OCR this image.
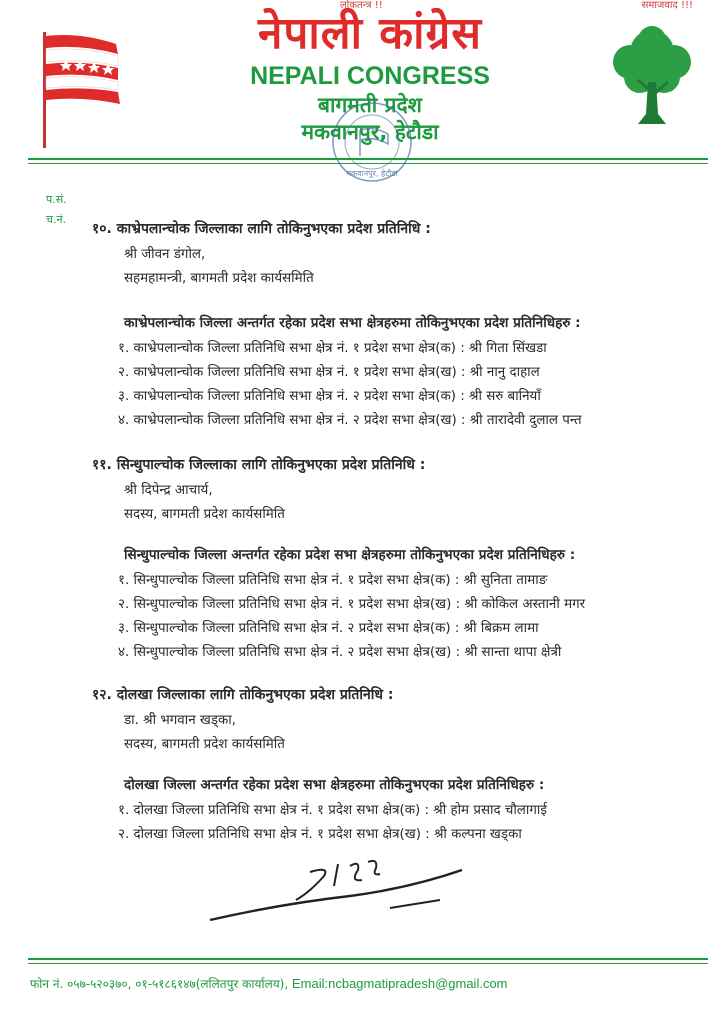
लोकतन्त्र !!	समाजवाद !!!
नेपाली कांग्रेस
NEPALI CONGRESS
बागमती प्रदेश
मकवानपुर, हेटौडा
मकवानपुर, हेटौडा
प.सं.
च.नं.
१०. काभ्रेपलान्चोक जिल्लाका लागि तोकिनुभएका प्रदेश प्रतिनिधि :
श्री जीवन डंगोल,
सहमहामन्त्री, बागमती प्रदेश कार्यसमिति
काभ्रेपलान्चोक जिल्ला अन्तर्गत रहेका प्रदेश सभा क्षेत्रहरुमा तोकिनुभएका प्रदेश प्रतिनिधिहरु :
१. काभ्रेपलान्चोक जिल्ला प्रतिनिधि सभा क्षेत्र नं. १ प्रदेश सभा क्षेत्र(क) : श्री गिता सिंखडा
२. काभ्रेपलान्चोक जिल्ला प्रतिनिधि सभा क्षेत्र नं. १ प्रदेश सभा क्षेत्र(ख) : श्री नानु दाहाल
३. काभ्रेपलान्चोक जिल्ला प्रतिनिधि सभा क्षेत्र नं. २ प्रदेश सभा क्षेत्र(क) : श्री सरु बानियाँ
४. काभ्रेपलान्चोक जिल्ला प्रतिनिधि सभा क्षेत्र नं. २ प्रदेश सभा क्षेत्र(ख) : श्री तारादेवी दुलाल पन्त
११. सिन्धुपाल्चोक जिल्लाका लागि तोकिनुभएका प्रदेश प्रतिनिधि :
श्री दिपेन्द्र आचार्य,
सदस्य, बागमती प्रदेश कार्यसमिति
सिन्धुपाल्चोक जिल्ला अन्तर्गत रहेका प्रदेश सभा क्षेत्रहरुमा तोकिनुभएका प्रदेश प्रतिनिधिहरु :
१. सिन्धुपाल्चोक जिल्ला प्रतिनिधि सभा क्षेत्र नं. १ प्रदेश सभा क्षेत्र(क) : श्री सुनिता तामाङ
२. सिन्धुपाल्चोक जिल्ला प्रतिनिधि सभा क्षेत्र नं. १ प्रदेश सभा क्षेत्र(ख) : श्री कोकिल अस्तानी मगर
३. सिन्धुपाल्चोक जिल्ला प्रतिनिधि सभा क्षेत्र नं. २ प्रदेश सभा क्षेत्र(क) : श्री बिक्रम लामा
४. सिन्धुपाल्चोक जिल्ला प्रतिनिधि सभा क्षेत्र नं. २ प्रदेश सभा क्षेत्र(ख) : श्री सान्ता थापा क्षेत्री
१२. दोलखा जिल्लाका लागि तोकिनुभएका प्रदेश प्रतिनिधि :
डा. श्री भगवान खड्का,
सदस्य, बागमती प्रदेश कार्यसमिति
दोलखा जिल्ला अन्तर्गत रहेका प्रदेश सभा क्षेत्रहरुमा तोकिनुभएका प्रदेश प्रतिनिधिहरु :
१. दोलखा जिल्ला प्रतिनिधि सभा क्षेत्र नं. १ प्रदेश सभा क्षेत्र(क) : श्री होम प्रसाद चौलागाई
२. दोलखा जिल्ला प्रतिनिधि सभा क्षेत्र नं. १ प्रदेश सभा क्षेत्र(ख) : श्री कल्पना खड्का
फोन नं. ०५७-५२०३७०, ०१-५१८६१४७(ललितपुर कार्यालय), Email:ncbagmatipradesh@gmail.com
